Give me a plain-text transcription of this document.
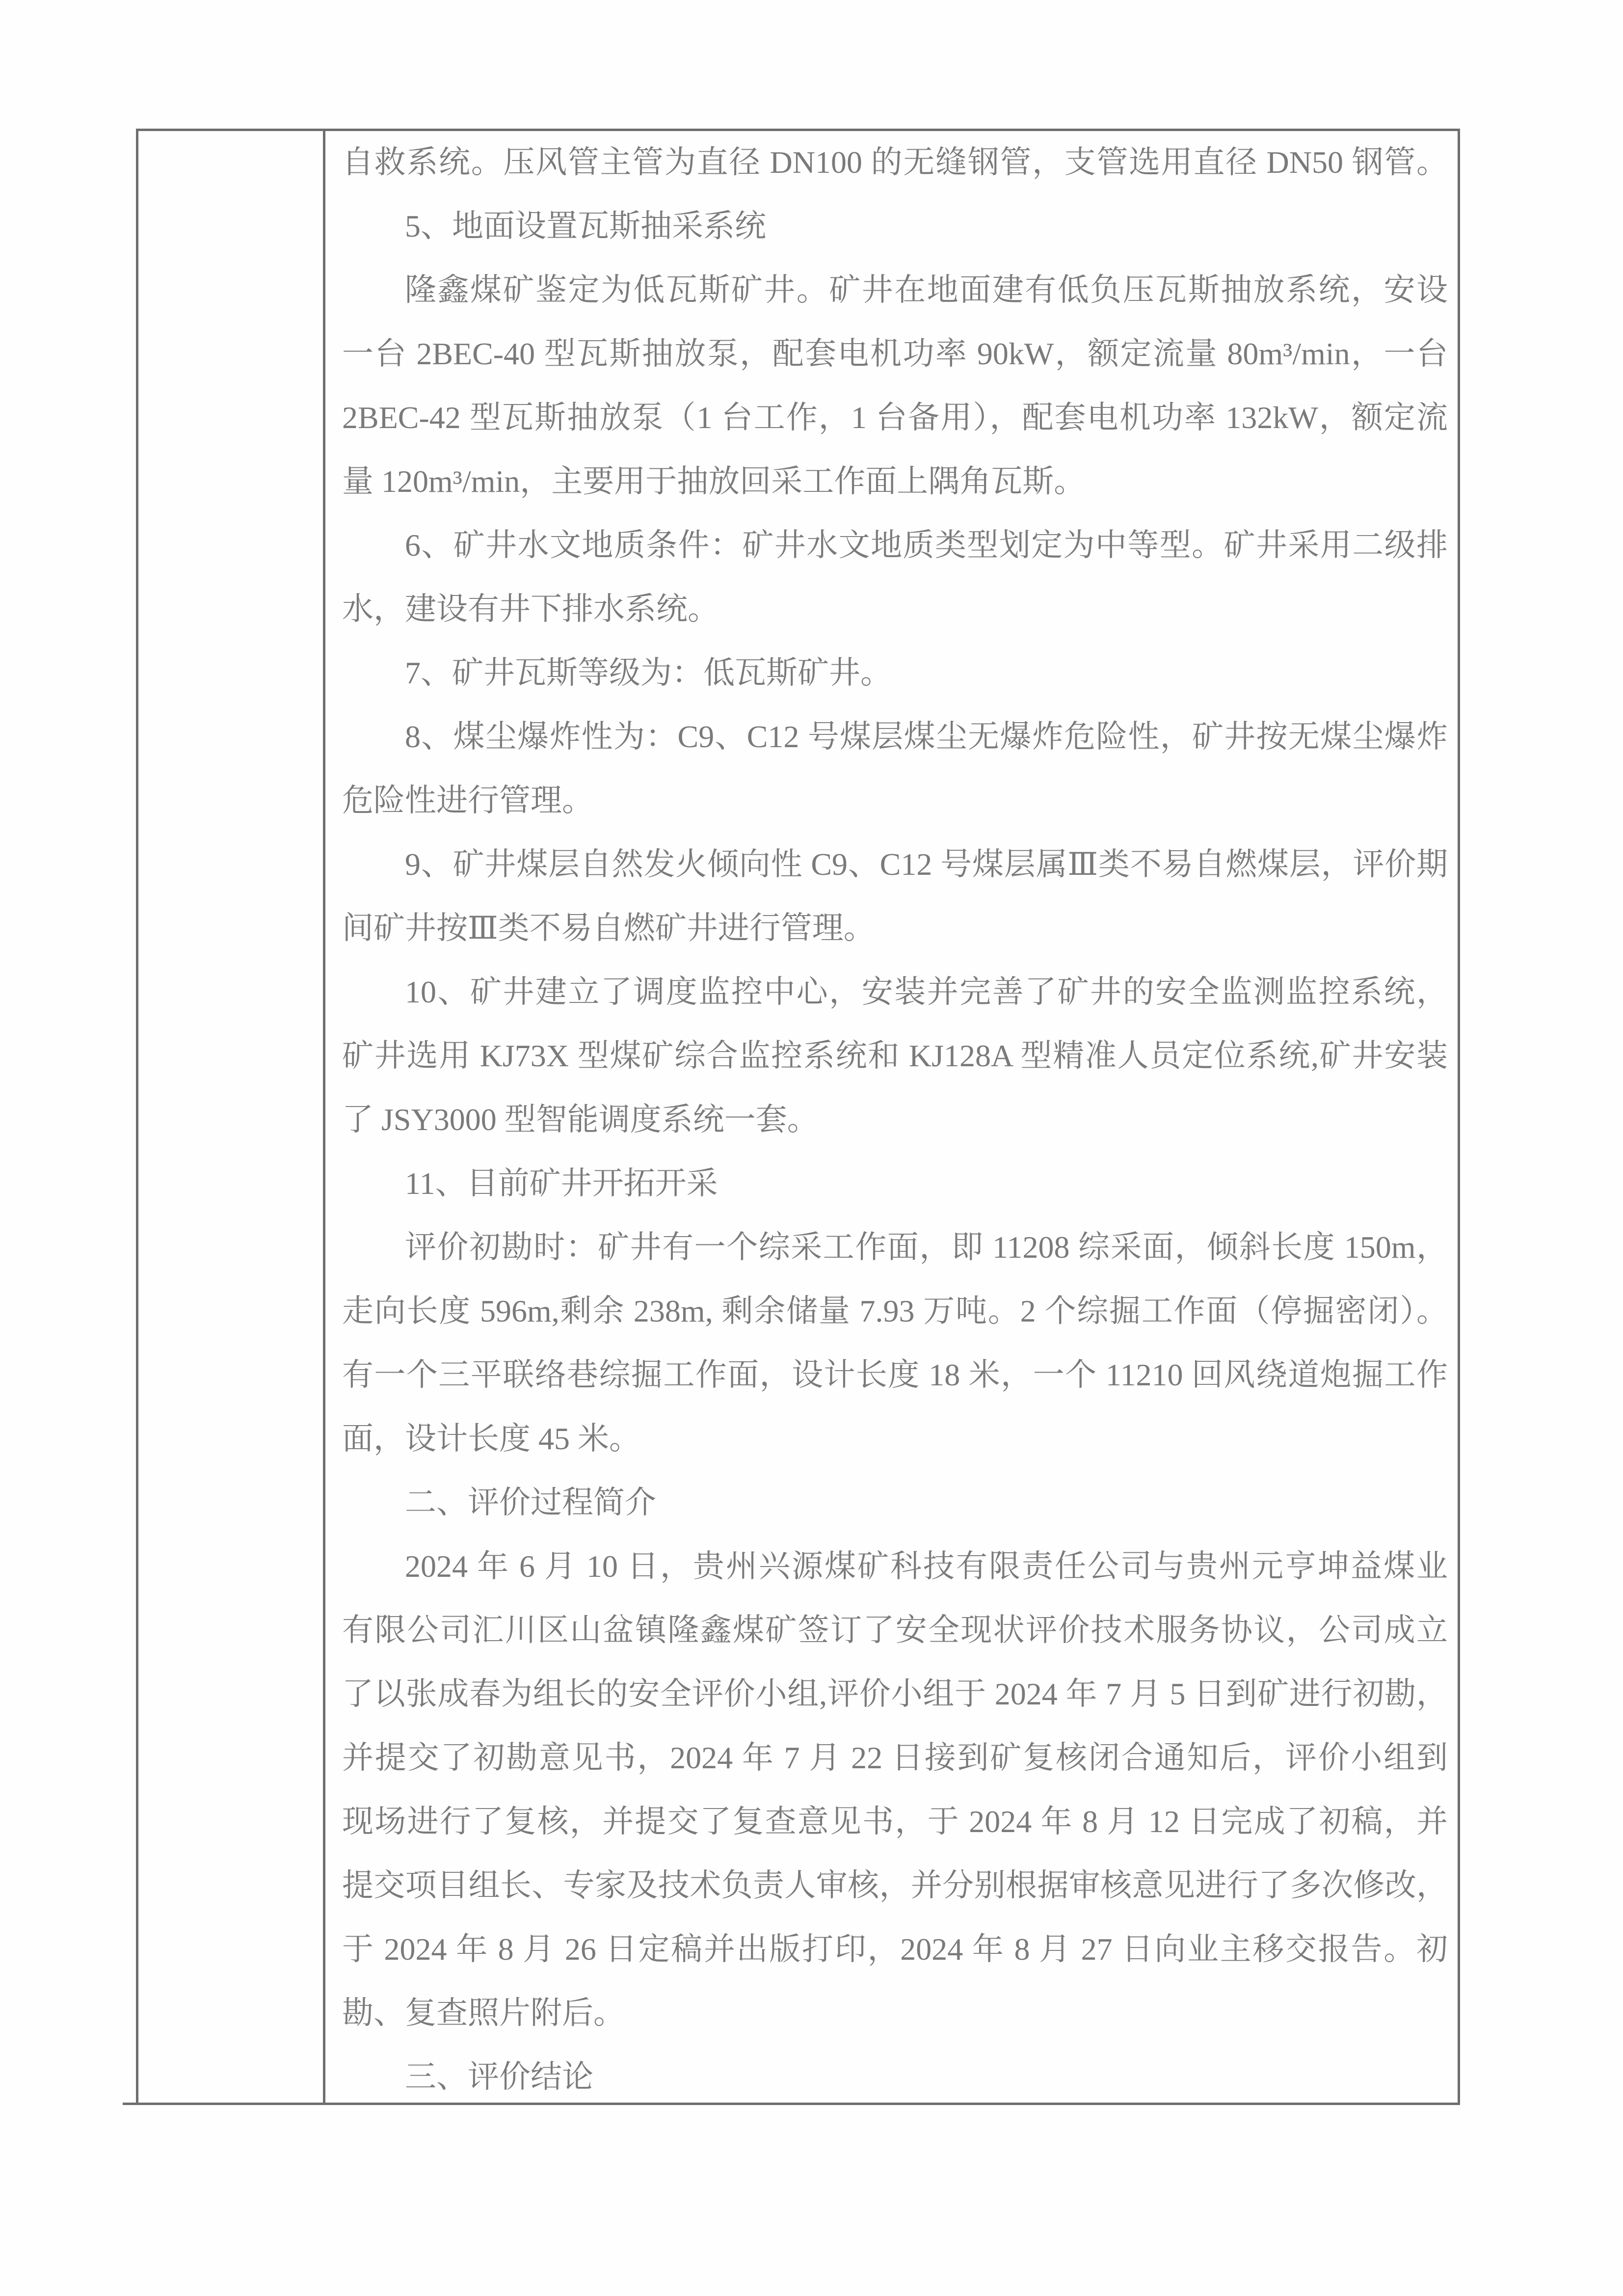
自救系统。压风管主管为直径 DN100 的无缝钢管，支管选用直径 DN50 钢管。
5、地面设置瓦斯抽采系统
隆鑫煤矿鉴定为低瓦斯矿井。矿井在地面建有低负压瓦斯抽放系统，安设
一台 2BEC-40 型瓦斯抽放泵，配套电机功率 90kW，额定流量 80m³/min，一台
2BEC-42 型瓦斯抽放泵（1 台工作，1 台备用），配套电机功率 132kW，额定流
量 120m³/min，主要用于抽放回采工作面上隅角瓦斯。
6、矿井水文地质条件：矿井水文地质类型划定为中等型。矿井采用二级排
水，建设有井下排水系统。
7、矿井瓦斯等级为：低瓦斯矿井。
8、煤尘爆炸性为：C9、C12 号煤层煤尘无爆炸危险性，矿井按无煤尘爆炸
危险性进行管理。
9、矿井煤层自然发火倾向性 C9、C12 号煤层属Ⅲ类不易自燃煤层，评价期
间矿井按Ⅲ类不易自燃矿井进行管理。
10、矿井建立了调度监控中心，安装并完善了矿井的安全监测监控系统，
矿井选用 KJ73X 型煤矿综合监控系统和 KJ128A 型精准人员定位系统,矿井安装
了 JSY3000 型智能调度系统一套。
11、目前矿井开拓开采
评价初勘时：矿井有一个综采工作面，即 11208 综采面，倾斜长度 150m，
走向长度 596m,剩余 238m, 剩余储量 7.93 万吨。2 个综掘工作面（停掘密闭）。
有一个三平联络巷综掘工作面，设计长度 18 米，一个 11210 回风绕道炮掘工作
面，设计长度 45 米。
二、评价过程简介
2024 年 6 月 10 日，贵州兴源煤矿科技有限责任公司与贵州元亨坤益煤业
有限公司汇川区山盆镇隆鑫煤矿签订了安全现状评价技术服务协议，公司成立
了以张成春为组长的安全评价小组,评价小组于 2024 年 7 月 5 日到矿进行初勘，
并提交了初勘意见书，2024 年 7 月 22 日接到矿复核闭合通知后，评价小组到
现场进行了复核，并提交了复查意见书，于 2024 年 8 月 12 日完成了初稿，并
提交项目组长、专家及技术负责人审核，并分别根据审核意见进行了多次修改，
于 2024 年 8 月 26 日定稿并出版打印，2024 年 8 月 27 日向业主移交报告。初
勘、复查照片附后。
三、评价结论
